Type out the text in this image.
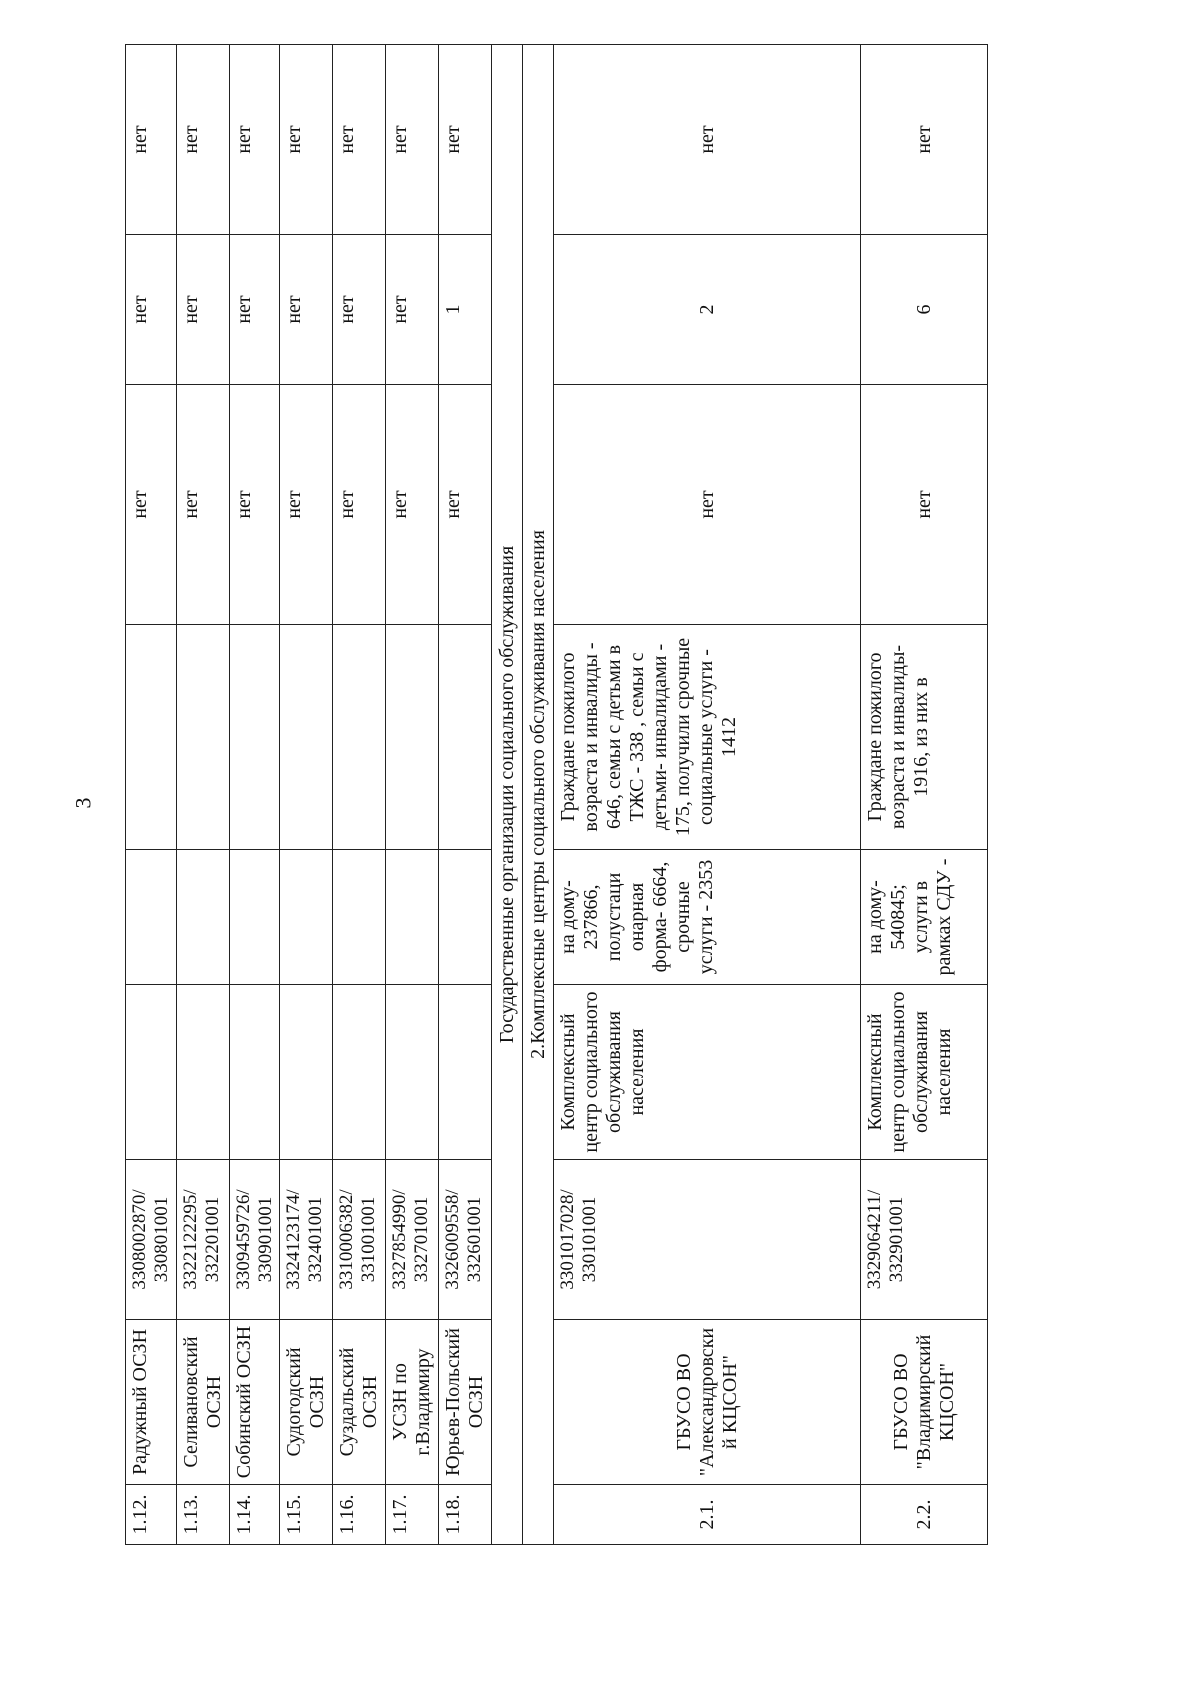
3
1.12.	Радужный ОСЗН	3308002870/ 330801001				нет	нет	нет
1.13.	Селивановский ОСЗН	3322122295/ 332201001				нет	нет	нет
1.14.	Собинский ОСЗН	3309459726/ 330901001				нет	нет	нет
1.15.	Судогодский ОСЗН	3324123174/ 332401001				нет	нет	нет
1.16.	Суздальский ОСЗН	3310006382/ 331001001				нет	нет	нет
1.17.	УСЗН по г.Владимиру	3327854990/ 332701001				нет	нет	нет
1.18.	Юрьев-Польский ОСЗН	3326009558/ 332601001				нет	1	нет
Государственные организации социального обслуживания								
2.Комплексные центры социального обслуживания населения								
2.1.	ГБУСО ВО "Александровски й КЦСОН"	3301017028/ 330101001	Комплексный центр социального обслуживания населения	на дому- 237866, полустаци онарная форма- 6664, срочные услуги - 2353	Граждане пожилого возраста и инвалиды - 646, семьи с детьми в ТЖС - 338 , семьи с детьми- инвалидами - 175, получили срочные социальные услуги - 1412	нет	2	нет
2.2.	ГБУСО ВО "Владимирский КЦСОН"	3329064211/ 332901001	Комплексный центр социального обслуживания населения	на дому- 540845; услуги в рамках СДУ -	Граждане пожилого возраста и инвалиды- 1916, из них в	нет	6	нет
